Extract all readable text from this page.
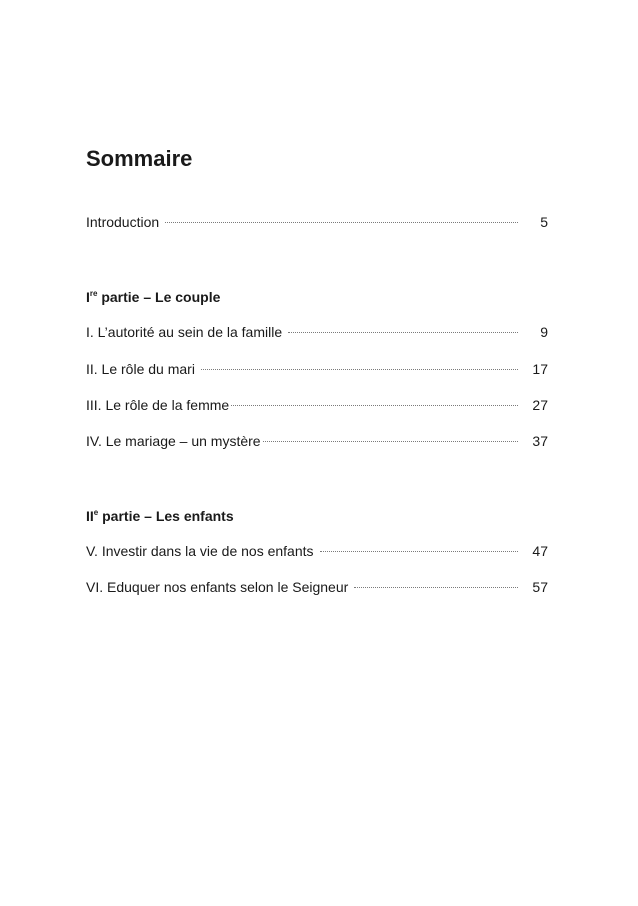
Sommaire
Introduction	5
Ire partie – Le couple
I. L’autorité au sein de la famille	9
II. Le rôle du mari	17
III. Le rôle de la femme	27
IV. Le mariage – un mystère	37
IIe partie – Les enfants
V. Investir dans la vie de nos enfants	47
VI. Eduquer nos enfants selon le Seigneur	57
